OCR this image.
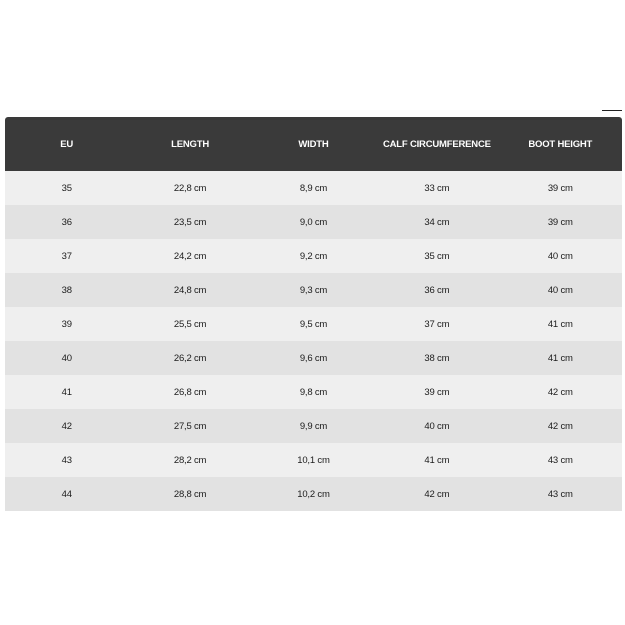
EU	LENGTH	WIDTH	CALF CIRCUMFERENCE	BOOT HEIGHT
35	22,8 cm	8,9 cm	33 cm	39 cm
36	23,5 cm	9,0 cm	34 cm	39 cm
37	24,2 cm	9,2 cm	35 cm	40 cm
38	24,8 cm	9,3 cm	36 cm	40 cm
39	25,5 cm	9,5 cm	37 cm	41 cm
40	26,2 cm	9,6 cm	38 cm	41 cm
41	26,8 cm	9,8 cm	39 cm	42 cm
42	27,5 cm	9,9 cm	40 cm	42 cm
43	28,2 cm	10,1 cm	41 cm	43 cm
44	28,8 cm	10,2 cm	42 cm	43 cm
